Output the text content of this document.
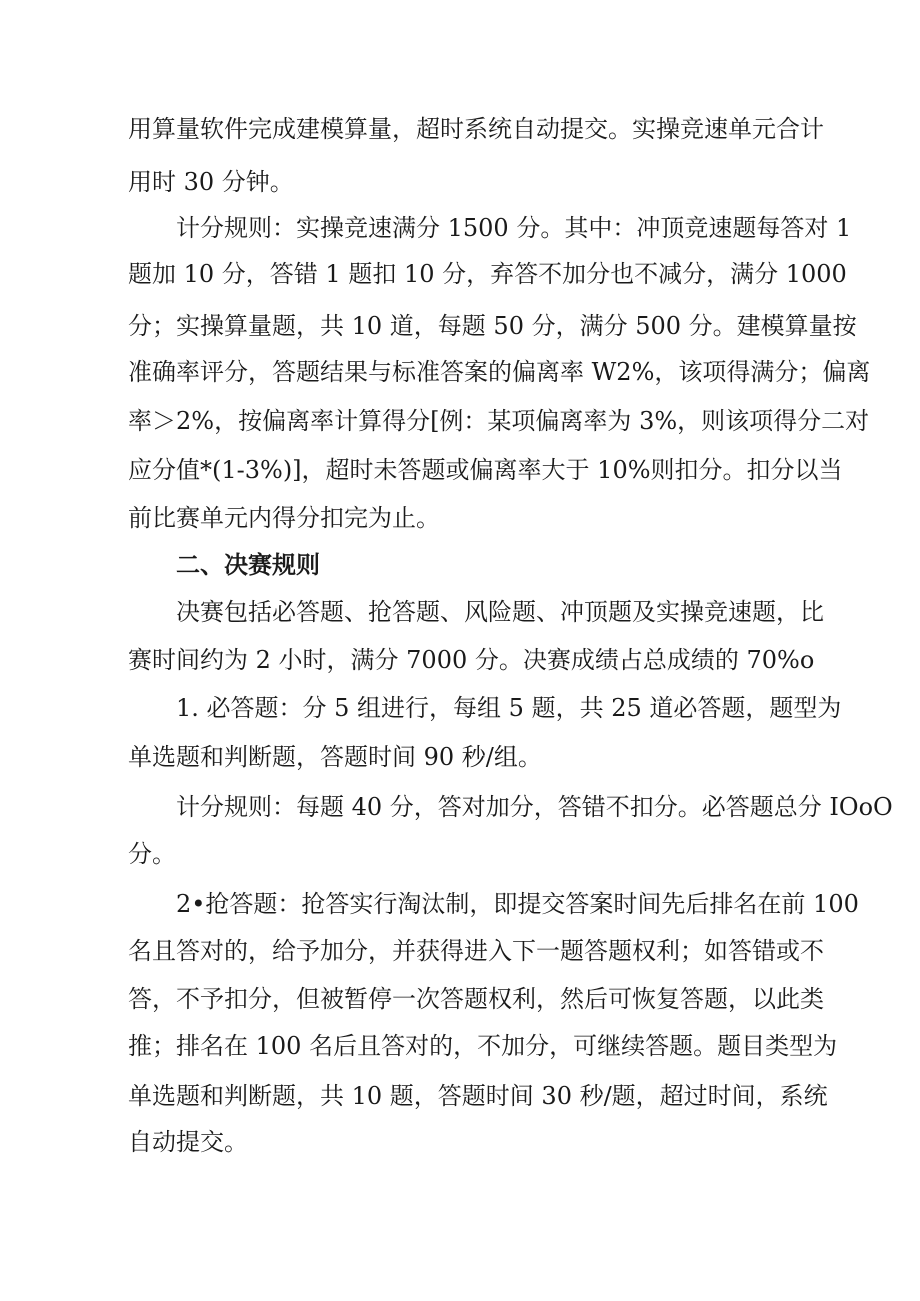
用算量软件完成建模算量，超时系统自动提交。实操竞速单元合计
用时 30 分钟。
计分规则：实操竞速满分 1500 分。其中：冲顶竞速题每答对 1
题加 10 分，答错 1 题扣 10 分，弃答不加分也不减分，满分 1000
分；实操算量题，共 10 道，每题 50 分，满分 500 分。建模算量按
准确率评分，答题结果与标准答案的偏离率 W2%，该项得满分；偏离
率＞2%，按偏离率计算得分[例：某项偏离率为 3%，则该项得分二对
应分值*(1-3%)]，超时未答题或偏离率大于 10%则扣分。扣分以当
前比赛单元内得分扣完为止。
二、决赛规则
决赛包括必答题、抢答题、风险题、冲顶题及实操竞速题，比
赛时间约为 2 小时，满分 7000 分。决赛成绩占总成绩的 70%o
1. 必答题：分 5 组进行，每组 5 题，共 25 道必答题，题型为
单选题和判断题，答题时间 90 秒/组。
计分规则：每题 40 分，答对加分，答错不扣分。必答题总分 IOoO
分。
2•抢答题：抢答实行淘汰制，即提交答案时间先后排名在前 100
名且答对的，给予加分，并获得进入下一题答题权利；如答错或不
答，不予扣分，但被暂停一次答题权利，然后可恢复答题，以此类
推；排名在 100 名后且答对的，不加分，可继续答题。题目类型为
单选题和判断题，共 10 题，答题时间 30 秒/题，超过时间，系统
自动提交。
